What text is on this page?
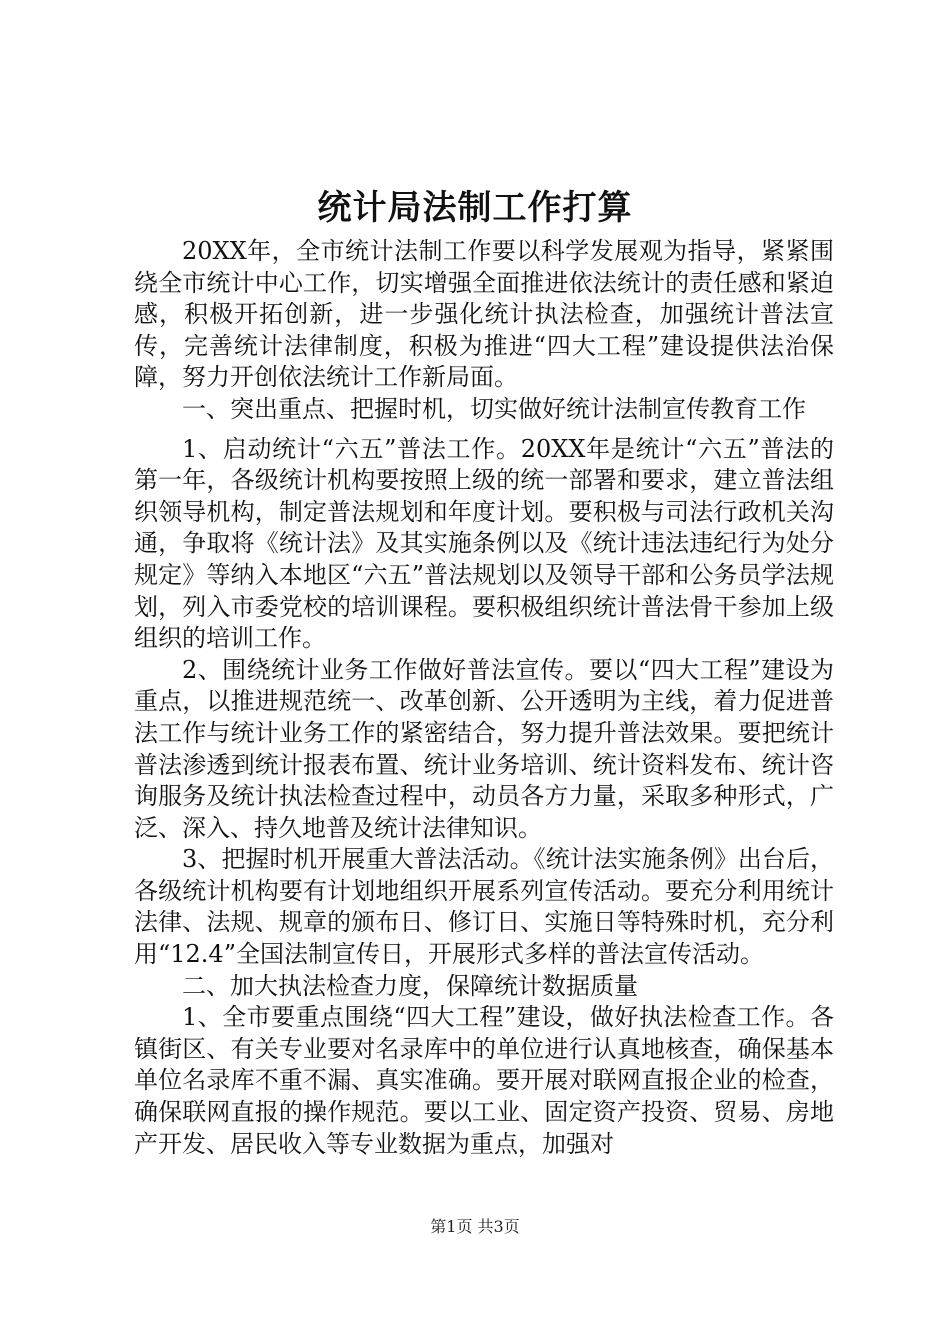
统计局法制工作打算

20XX年，全市统计法制工作要以科学发展观为指导，紧紧围绕全市统计中心工作，切实增强全面推进依法统计的责任感和紧迫感，积极开拓创新，进一步强化统计执法检查，加强统计普法宣传，完善统计法律制度，积极为推进“四大工程”建设提供法治保障，努力开创依法统计工作新局面。

一、突出重点、把握时机，切实做好统计法制宣传教育工作

1、启动统计“六五”普法工作。20XX年是统计“六五”普法的第一年，各级统计机构要按照上级的统一部署和要求，建立普法组织领导机构，制定普法规划和年度计划。要积极与司法行政机关沟通，争取将《统计法》及其实施条例以及《统计违法违纪行为处分规定》等纳入本地区“六五”普法规划以及领导干部和公务员学法规划，列入市委党校的培训课程。要积极组织统计普法骨干参加上级组织的培训工作。

2、围绕统计业务工作做好普法宣传。要以“四大工程”建设为重点，以推进规范统一、改革创新、公开透明为主线，着力促进普法工作与统计业务工作的紧密结合，努力提升普法效果。要把统计普法渗透到统计报表布置、统计业务培训、统计资料发布、统计咨询服务及统计执法检查过程中，动员各方力量，采取多种形式，广泛、深入、持久地普及统计法律知识。

3、把握时机开展重大普法活动。《统计法实施条例》出台后，各级统计机构要有计划地组织开展系列宣传活动。要充分利用统计法律、法规、规章的颁布日、修订日、实施日等特殊时机，充分利用“12.4”全国法制宣传日，开展形式多样的普法宣传活动。

二、加大执法检查力度，保障统计数据质量

1、全市要重点围绕“四大工程”建设，做好执法检查工作。各镇街区、有关专业要对名录库中的单位进行认真地核查，确保基本单位名录库不重不漏、真实准确。要开展对联网直报企业的检查，确保联网直报的操作规范。要以工业、固定资产投资、贸易、房地产开发、居民收入等专业数据为重点，加强对

第1页 共3页
